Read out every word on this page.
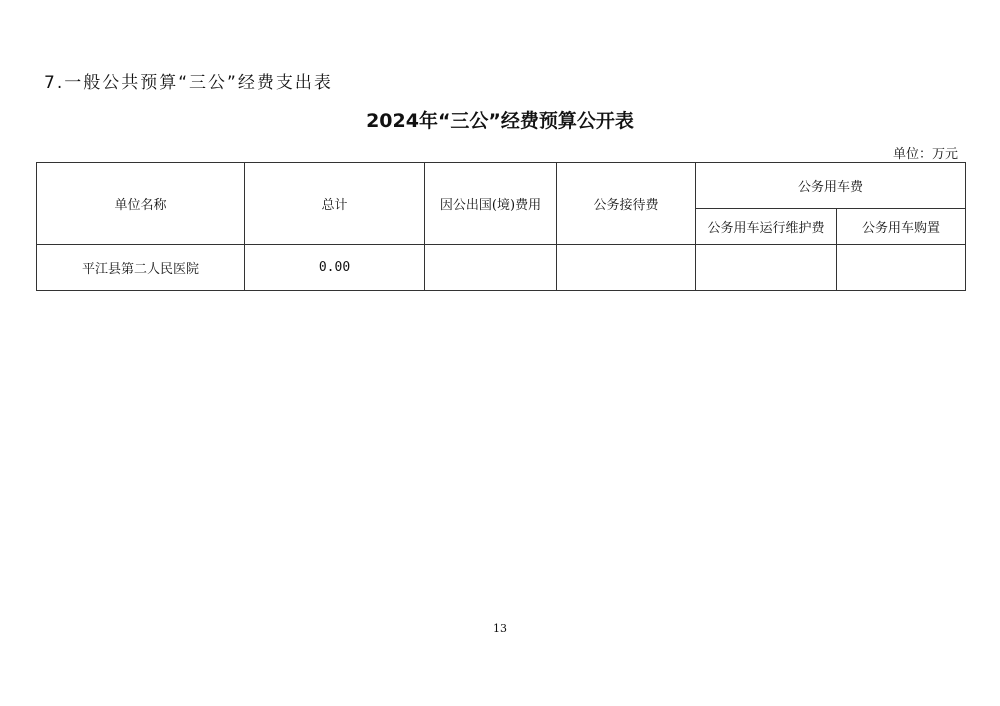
7.一般公共预算“三公”经费支出表
2024年“三公”经费预算公开表
单位：万元
单位名称	总计	因公出国(境)费用	公务接待费	公务用车费	
				公务用车运行维护费	公务用车购置
平江县第二人民医院	0.00				
13
